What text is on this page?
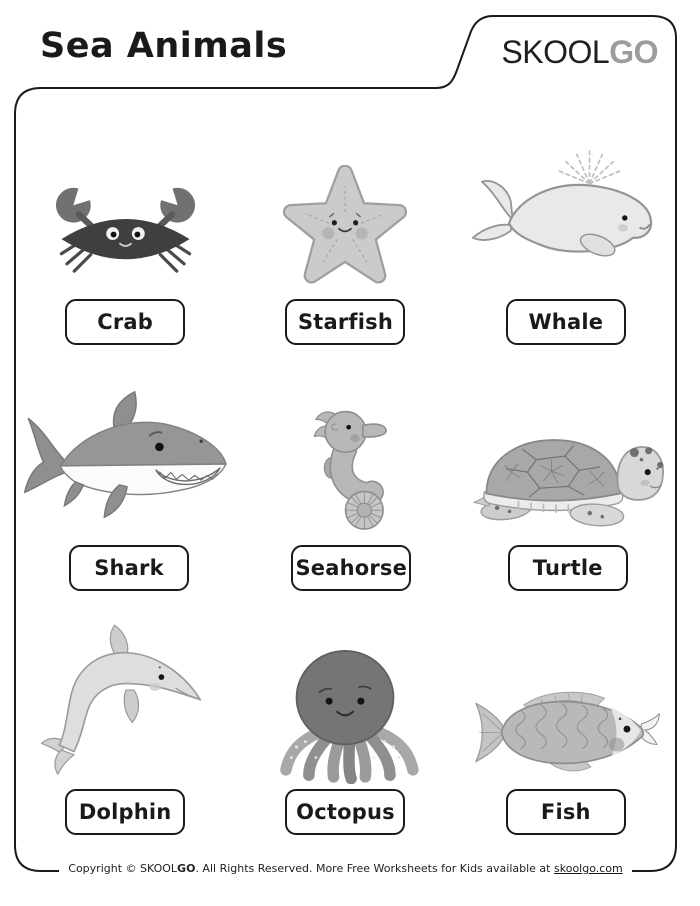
Sea Animals	SKOOLGO
Crab	Starfish	Whale
Shark	Seahorse	Turtle
Dolphin	Octopus	Fish
Copyright © SKOOLGO. All Rights Reserved. More Free Worksheets for Kids available at skoolgo.com
